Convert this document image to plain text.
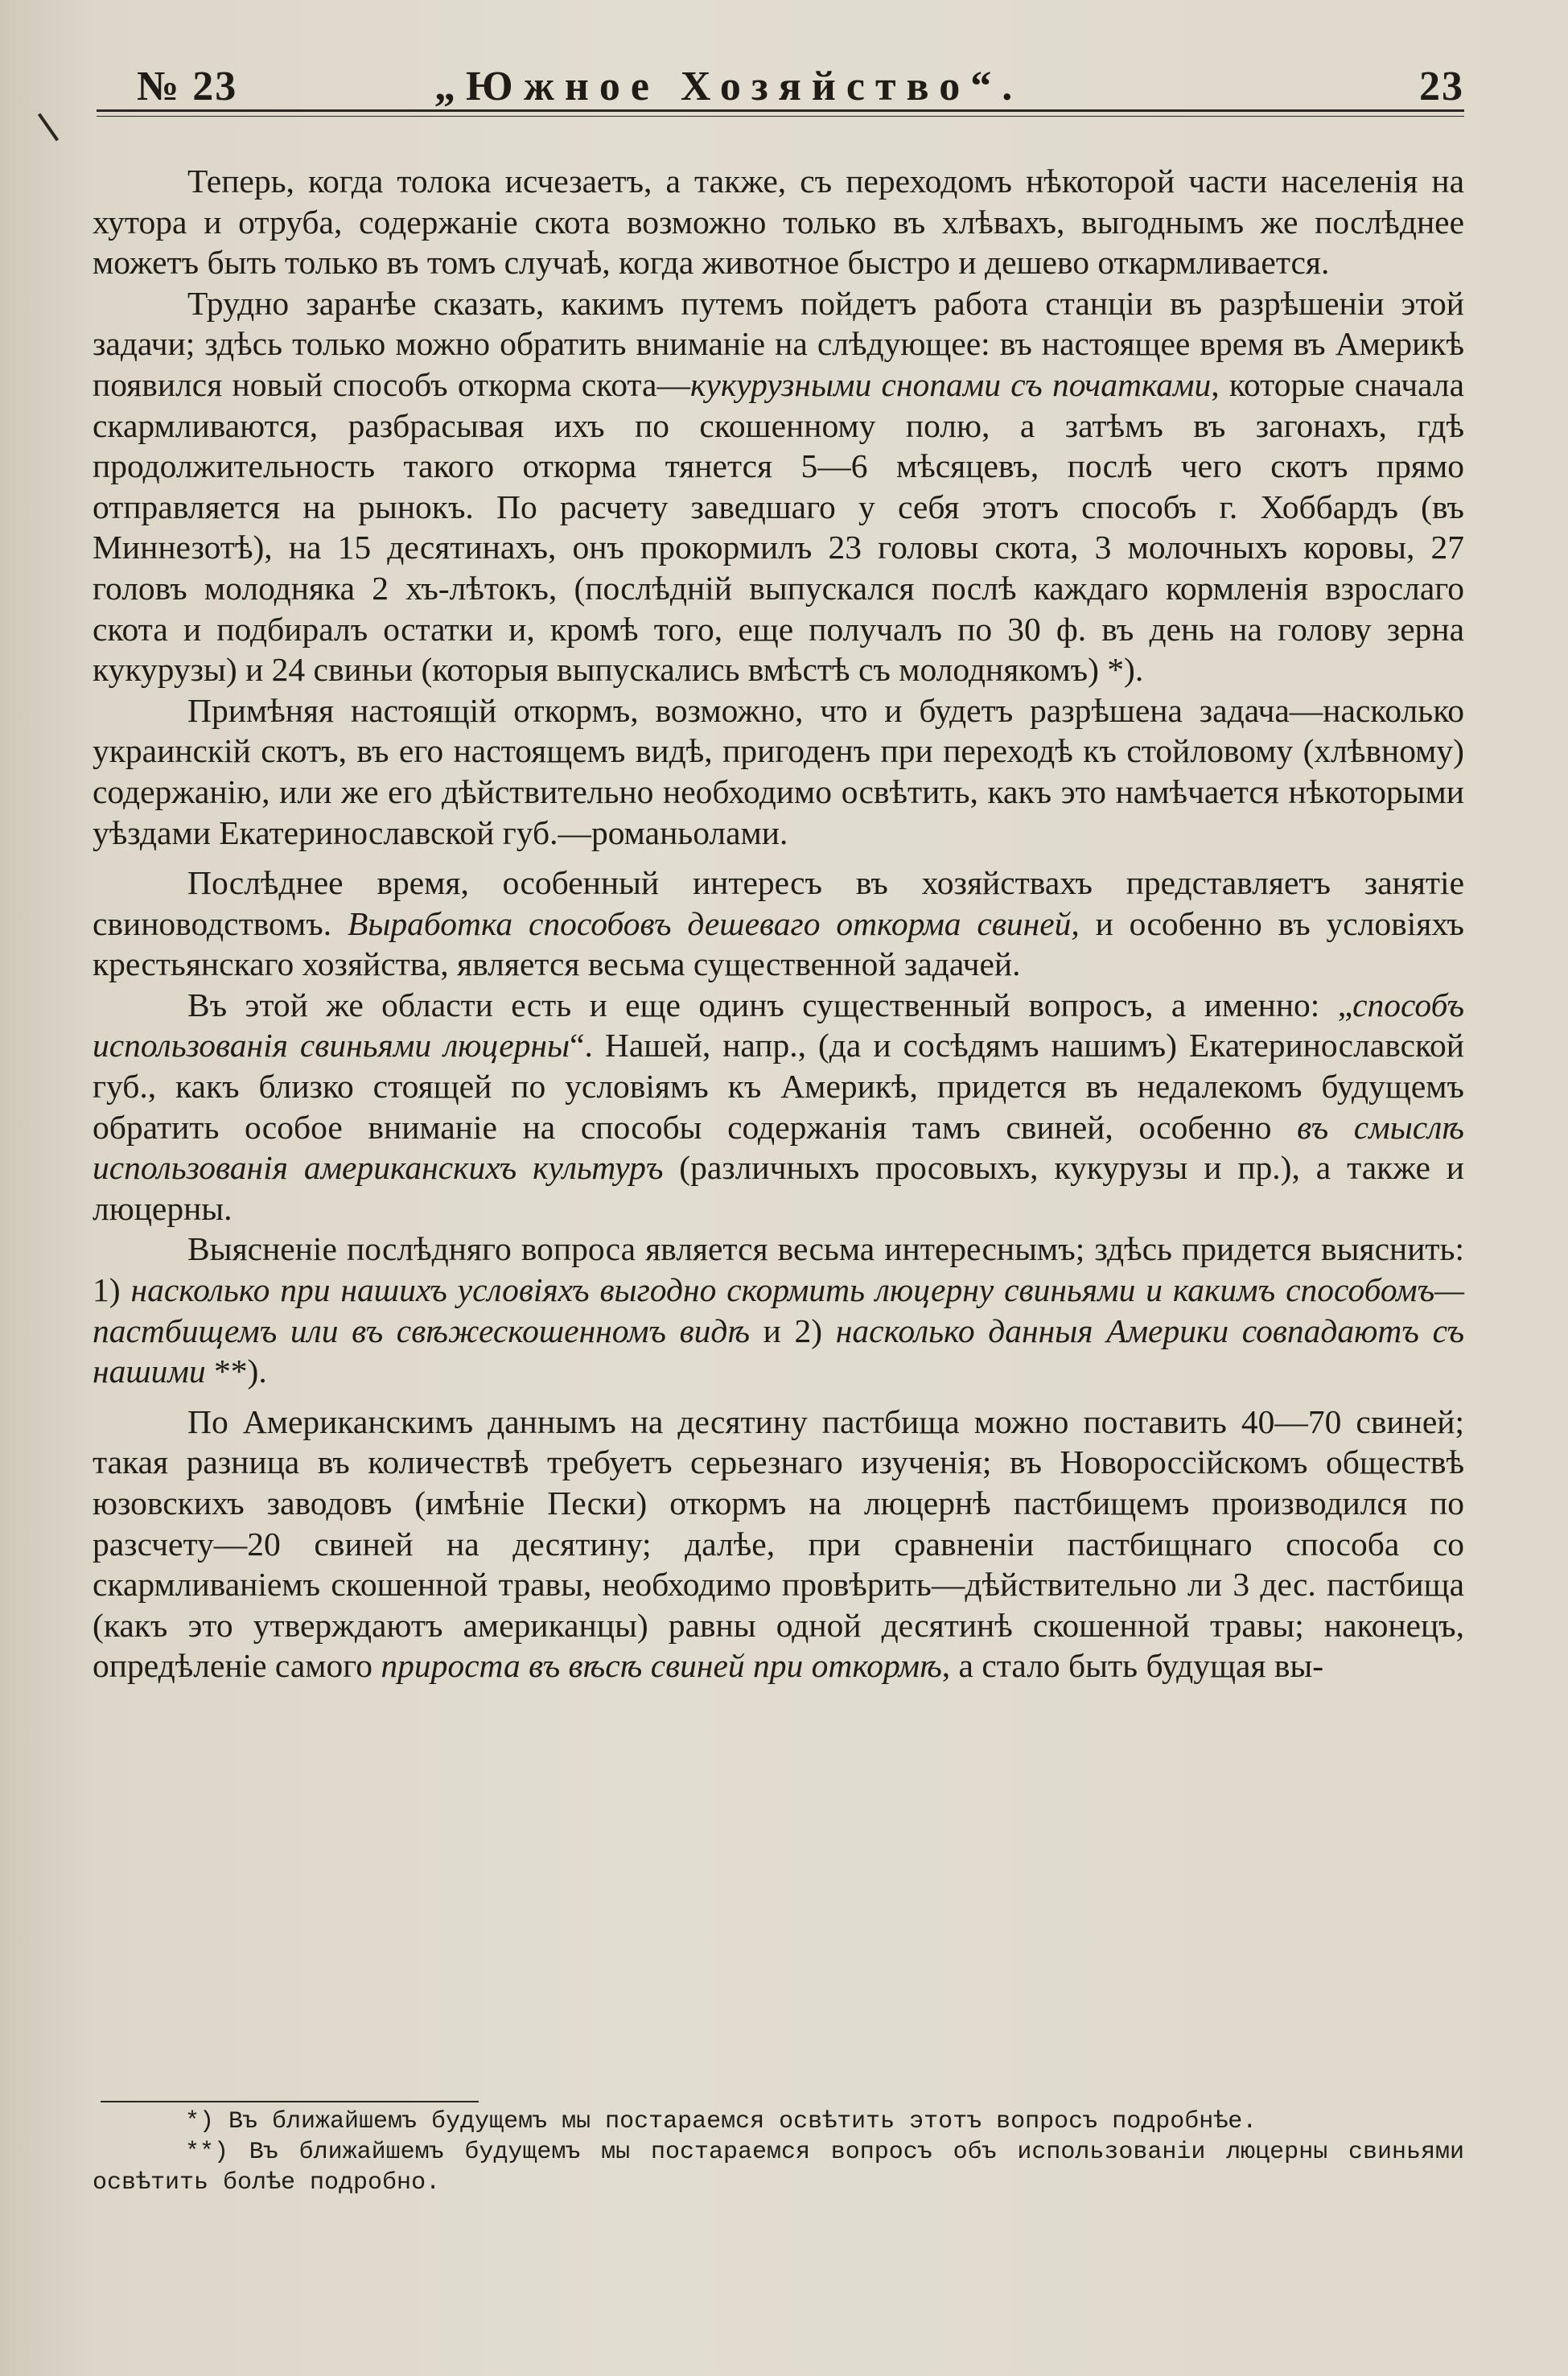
№ 23	„Южное Хозяйство“.	23

Теперь, когда толока исчезаетъ, а также, съ переходомъ нѣкоторой части населенія на хутора и отруба, содержаніе скота возможно только въ хлѣвахъ, выгоднымъ же послѣднее можетъ быть только въ томъ случаѣ, когда животное быстро и дешево откармливается.

Трудно заранѣе сказать, какимъ путемъ пойдетъ работа станціи въ разрѣшеніи этой задачи; здѣсь только можно обратить вниманіе на слѣдующее: въ настоящее время въ Америкѣ появился новый способъ откорма скота—кукурузными снопами съ початками, которые сначала скармливаются, разбрасывая ихъ по скошенному полю, а затѣмъ въ загонахъ, гдѣ продолжительность такого откорма тянется 5—6 мѣсяцевъ, послѣ чего скотъ прямо отправляется на рынокъ. По расчету заведшаго у себя этотъ способъ г. Хоббардъ (въ Миннезотѣ), на 15 десятинахъ, онъ прокормилъ 23 головы скота, 3 молочныхъ коровы, 27 головъ молодняка 2 хъ-лѣтокъ, (послѣдній выпускался послѣ каждаго кормленія взрослаго скота и подбиралъ остатки и, кромѣ того, еще получалъ по 30 ф. въ день на голову зерна кукурузы) и 24 свиньи (которыя выпускались вмѣстѣ съ молоднякомъ) *).

Примѣняя настоящій откормъ, возможно, что и будетъ разрѣшена задача—насколько украинскій скотъ, въ его настоящемъ видѣ, пригоденъ при переходѣ къ стойловому (хлѣвному) содержанію, или же его дѣйствительно необходимо освѣтить, какъ это намѣчается нѣкоторыми уѣздами Екатеринославской губ.—романьолами.

Послѣднее время, особенный интересъ въ хозяйствахъ представляетъ занятіе свиноводствомъ. Выработка способовъ дешеваго откорма свиней, и особенно въ условіяхъ крестьянскаго хозяйства, является весьма существенной задачей.

Въ этой же области есть и еще одинъ существенный вопросъ, а именно: „способъ использованія свиньями люцерны“. Нашей, напр., (да и сосѣдямъ нашимъ) Екатеринославской губ., какъ близко стоящей по условіямъ къ Америкѣ, придется въ недалекомъ будущемъ обратить особое вниманіе на способы содержанія тамъ свиней, особенно въ смыслѣ использованія американскихъ культуръ (различныхъ просовыхъ, кукурузы и пр.), а также и люцерны.

Выясненіе послѣдняго вопроса является весьма интереснымъ; здѣсь придется выяснить: 1) насколько при нашихъ условіяхъ выгодно скормить люцерну свиньями и какимъ способомъ—пастбищемъ или въ свѣжескошенномъ видѣ и 2) насколько данныя Америки совпадаютъ съ нашими **).

По Американскимъ даннымъ на десятину пастбища можно поставить 40—70 свиней; такая разница въ количествѣ требуетъ серьезнаго изученія; въ Новороссійскомъ обществѣ юзовскихъ заводовъ (имѣніе Пески) откормъ на люцернѣ пастбищемъ производился по разсчету—20 свиней на десятину; далѣе, при сравненіи пастбищнаго способа со скармливаніемъ скошенной травы, необходимо провѣрить—дѣйствительно ли 3 дес. пастбища (какъ это утверждаютъ американцы) равны одной десятинѣ скошенной травы; наконецъ, опредѣленіе самого прироста въ вѣсѣ свиней при откормѣ, а стало быть будущая вы-

*) Въ ближайшемъ будущемъ мы постараемся освѣтить этотъ вопросъ подробнѣе.

**) Въ ближайшемъ будущемъ мы постараемся вопросъ объ использованіи люцерны свиньями освѣтить болѣе подробно.
